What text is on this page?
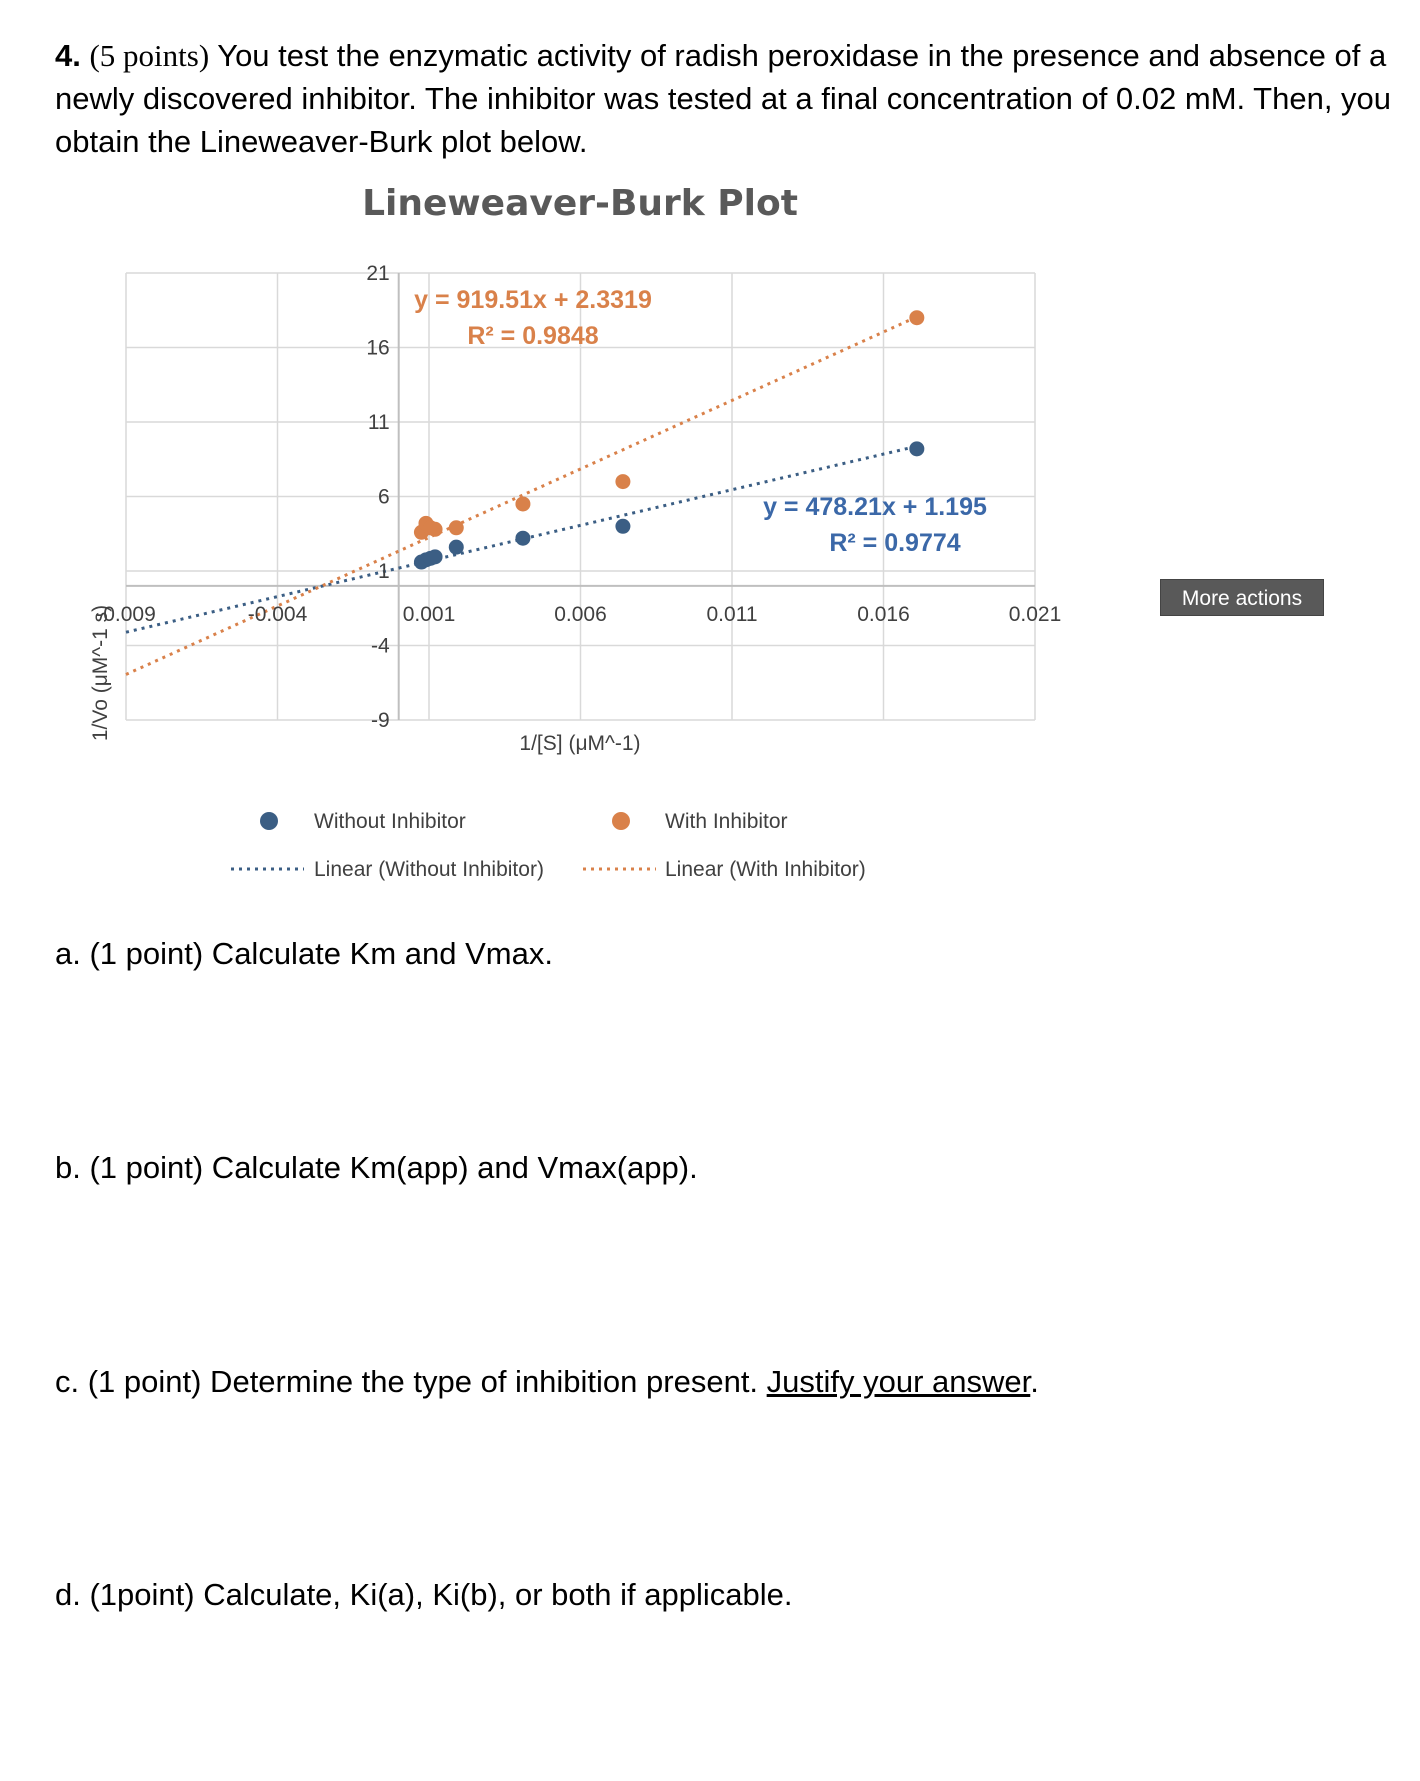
4. (5 points) You test the enzymatic activity of radish peroxidase in the presence and absence of a newly discovered inhibitor. The inhibitor was tested at a final concentration of 0.02 mM. Then, you obtain the Lineweaver-Burk plot below.
Lineweaver-Burk Plot
-0.009	-0.004	0.001	0.006	0.011	0.016	0.021
21
16
11
6
1
-4
-9
1/Vo (μM^-1 s)
1/[S] (μM^-1)
y = 919.51x + 2.3319
R² = 0.9848
y = 478.21x + 1.195
R² = 0.9774
Without Inhibitor	With Inhibitor
Linear (Without Inhibitor)	Linear (With Inhibitor)
More actions
a. (1 point) Calculate Km and Vmax.
b. (1 point) Calculate Km(app) and Vmax(app).
c. (1 point) Determine the type of inhibition present. Justify your answer.
d. (1point) Calculate, Ki(a), Ki(b), or both if applicable.
